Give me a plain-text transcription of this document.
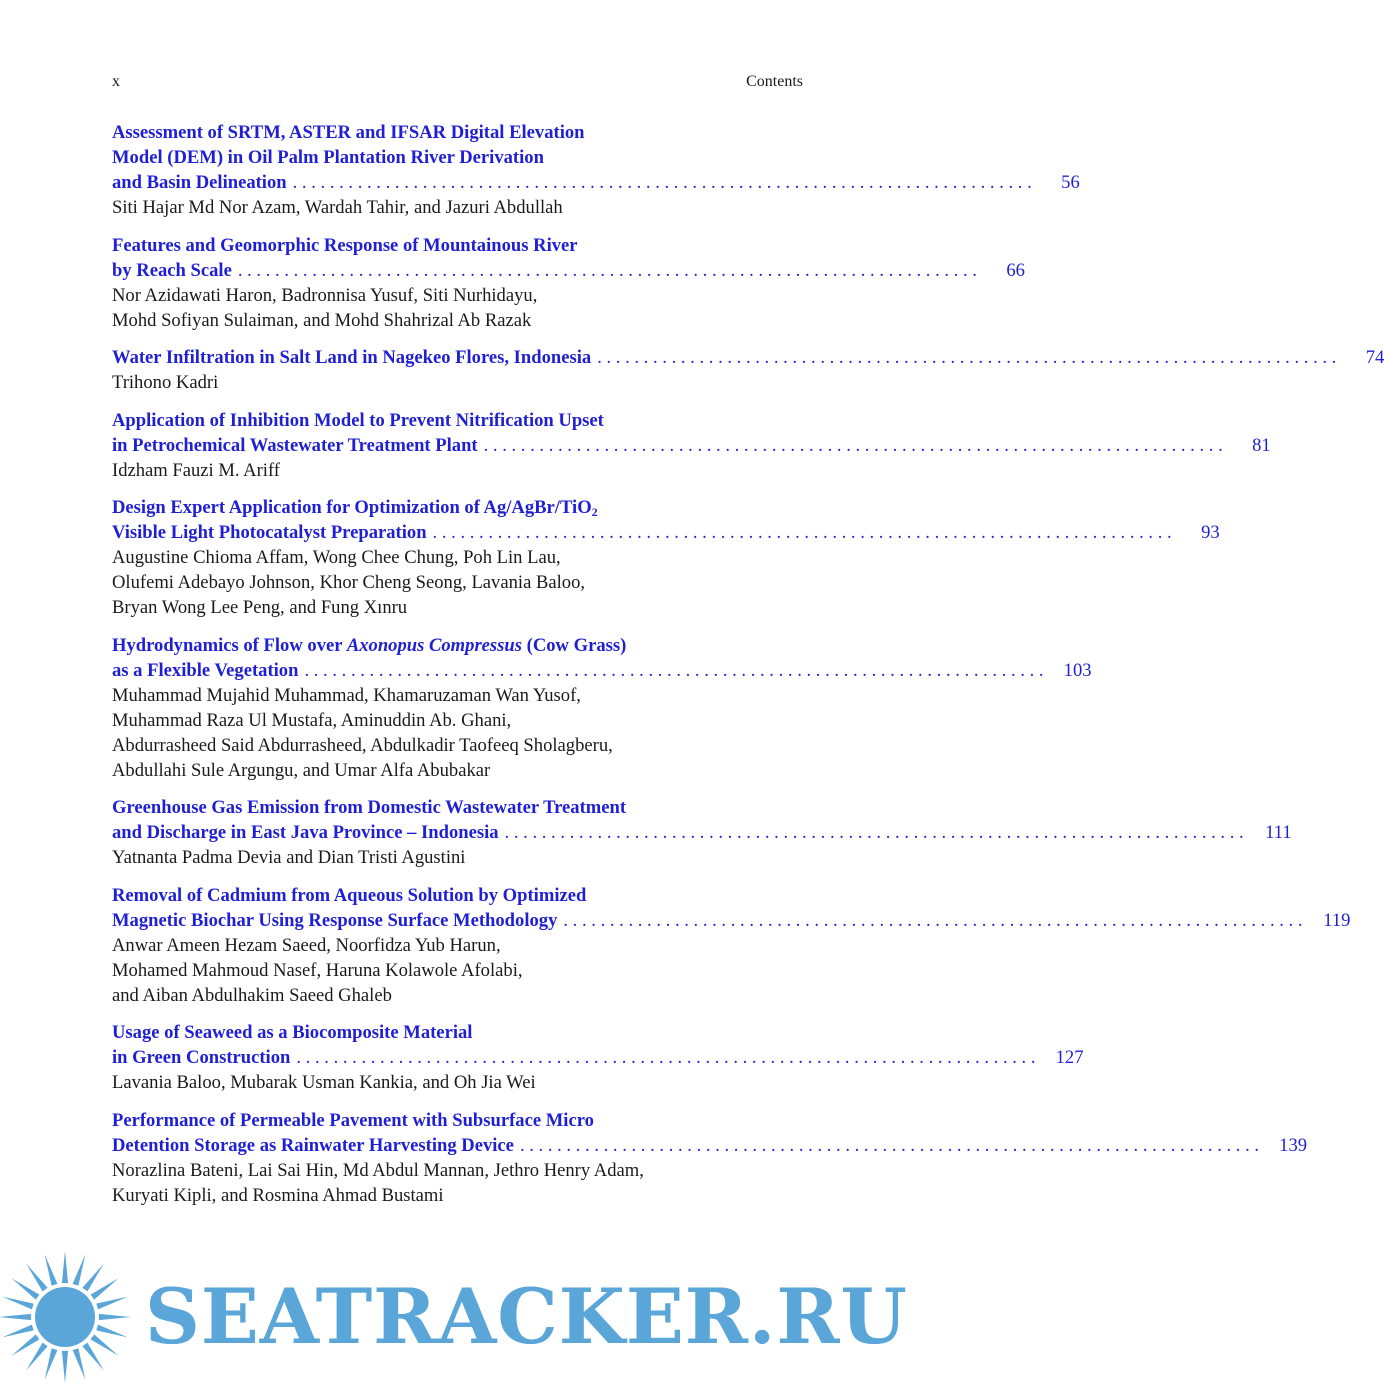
x	Contents
Assessment of SRTM, ASTER and IFSAR Digital Elevation
Model (DEM) in Oil Palm Plantation River Derivation
and Basin Delineation . . . . . . . . . . . . . . . . . . . . . . . . . . . . . . . . . . . . . . . . . . . . . . . . . . . . . . . . . . . . . . . . . . . . . . . . . . . . . . . .	56
Siti Hajar Md Nor Azam, Wardah Tahir, and Jazuri Abdullah
Features and Geomorphic Response of Mountainous River
by Reach Scale . . . . . . . . . . . . . . . . . . . . . . . . . . . . . . . . . . . . . . . . . . . . . . . . . . . . . . . . . . . . . . . . . . . . . . . . . . . . . . . .	66
Nor Azidawati Haron, Badronnisa Yusuf, Siti Nurhidayu,
Mohd Sofiyan Sulaiman, and Mohd Shahrizal Ab Razak
Water Infiltration in Salt Land in Nagekeo Flores, Indonesia . . . . . . . . . . . . . . . . . . . . . . . . . . . . . . . . . . . . . . . . . . . . . . . . . . . . . . . . . . . . . . . . . . . . . . . . . . . . . . . .	74
Trihono Kadri
Application of Inhibition Model to Prevent Nitrification Upset
in Petrochemical Wastewater Treatment Plant . . . . . . . . . . . . . . . . . . . . . . . . . . . . . . . . . . . . . . . . . . . . . . . . . . . . . . . . . . . . . . . . . . . . . . . . . . . . . . . .	81
Idzham Fauzi M. Ariff
Design Expert Application for Optimization of Ag/AgBr/TiO$_2$
Visible Light Photocatalyst Preparation . . . . . . . . . . . . . . . . . . . . . . . . . . . . . . . . . . . . . . . . . . . . . . . . . . . . . . . . . . . . . . . . . . . . . . . . . . . . . . . .	93
Augustine Chioma Affam, Wong Chee Chung, Poh Lin Lau,
Olufemi Adebayo Johnson, Khor Cheng Seong, Lavania Baloo,
Bryan Wong Lee Peng, and Fung Xınru
Hydrodynamics of Flow over Axonopus Compressus (Cow Grass)
as a Flexible Vegetation . . . . . . . . . . . . . . . . . . . . . . . . . . . . . . . . . . . . . . . . . . . . . . . . . . . . . . . . . . . . . . . . . . . . . . . . . . . . . . . .	103
Muhammad Mujahid Muhammad, Khamaruzaman Wan Yusof,
Muhammad Raza Ul Mustafa, Aminuddin Ab. Ghani,
Abdurrasheed Said Abdurrasheed, Abdulkadir Taofeeq Sholagberu,
Abdullahi Sule Argungu, and Umar Alfa Abubakar
Greenhouse Gas Emission from Domestic Wastewater Treatment
and Discharge in East Java Province – Indonesia . . . . . . . . . . . . . . . . . . . . . . . . . . . . . . . . . . . . . . . . . . . . . . . . . . . . . . . . . . . . . . . . . . . . . . . . . . . . . . . .	111
Yatnanta Padma Devia and Dian Tristi Agustini
Removal of Cadmium from Aqueous Solution by Optimized
Magnetic Biochar Using Response Surface Methodology . . . . . . . . . . . . . . . . . . . . . . . . . . . . . . . . . . . . . . . . . . . . . . . . . . . . . . . . . . . . . . . . . . . . . . . . . . . . . . . .	119
Anwar Ameen Hezam Saeed, Noorfidza Yub Harun,
Mohamed Mahmoud Nasef, Haruna Kolawole Afolabi,
and Aiban Abdulhakim Saeed Ghaleb
Usage of Seaweed as a Biocomposite Material
in Green Construction . . . . . . . . . . . . . . . . . . . . . . . . . . . . . . . . . . . . . . . . . . . . . . . . . . . . . . . . . . . . . . . . . . . . . . . . . . . . . . . .	127
Lavania Baloo, Mubarak Usman Kankia, and Oh Jia Wei
Performance of Permeable Pavement with Subsurface Micro
Detention Storage as Rainwater Harvesting Device . . . . . . . . . . . . . . . . . . . . . . . . . . . . . . . . . . . . . . . . . . . . . . . . . . . . . . . . . . . . . . . . . . . . . . . . . . . . . . . .	139
Norazlina Bateni, Lai Sai Hin, Md Abdul Mannan, Jethro Henry Adam,
Kuryati Kipli, and Rosmina Ahmad Bustami
SEATRACKER.RU
